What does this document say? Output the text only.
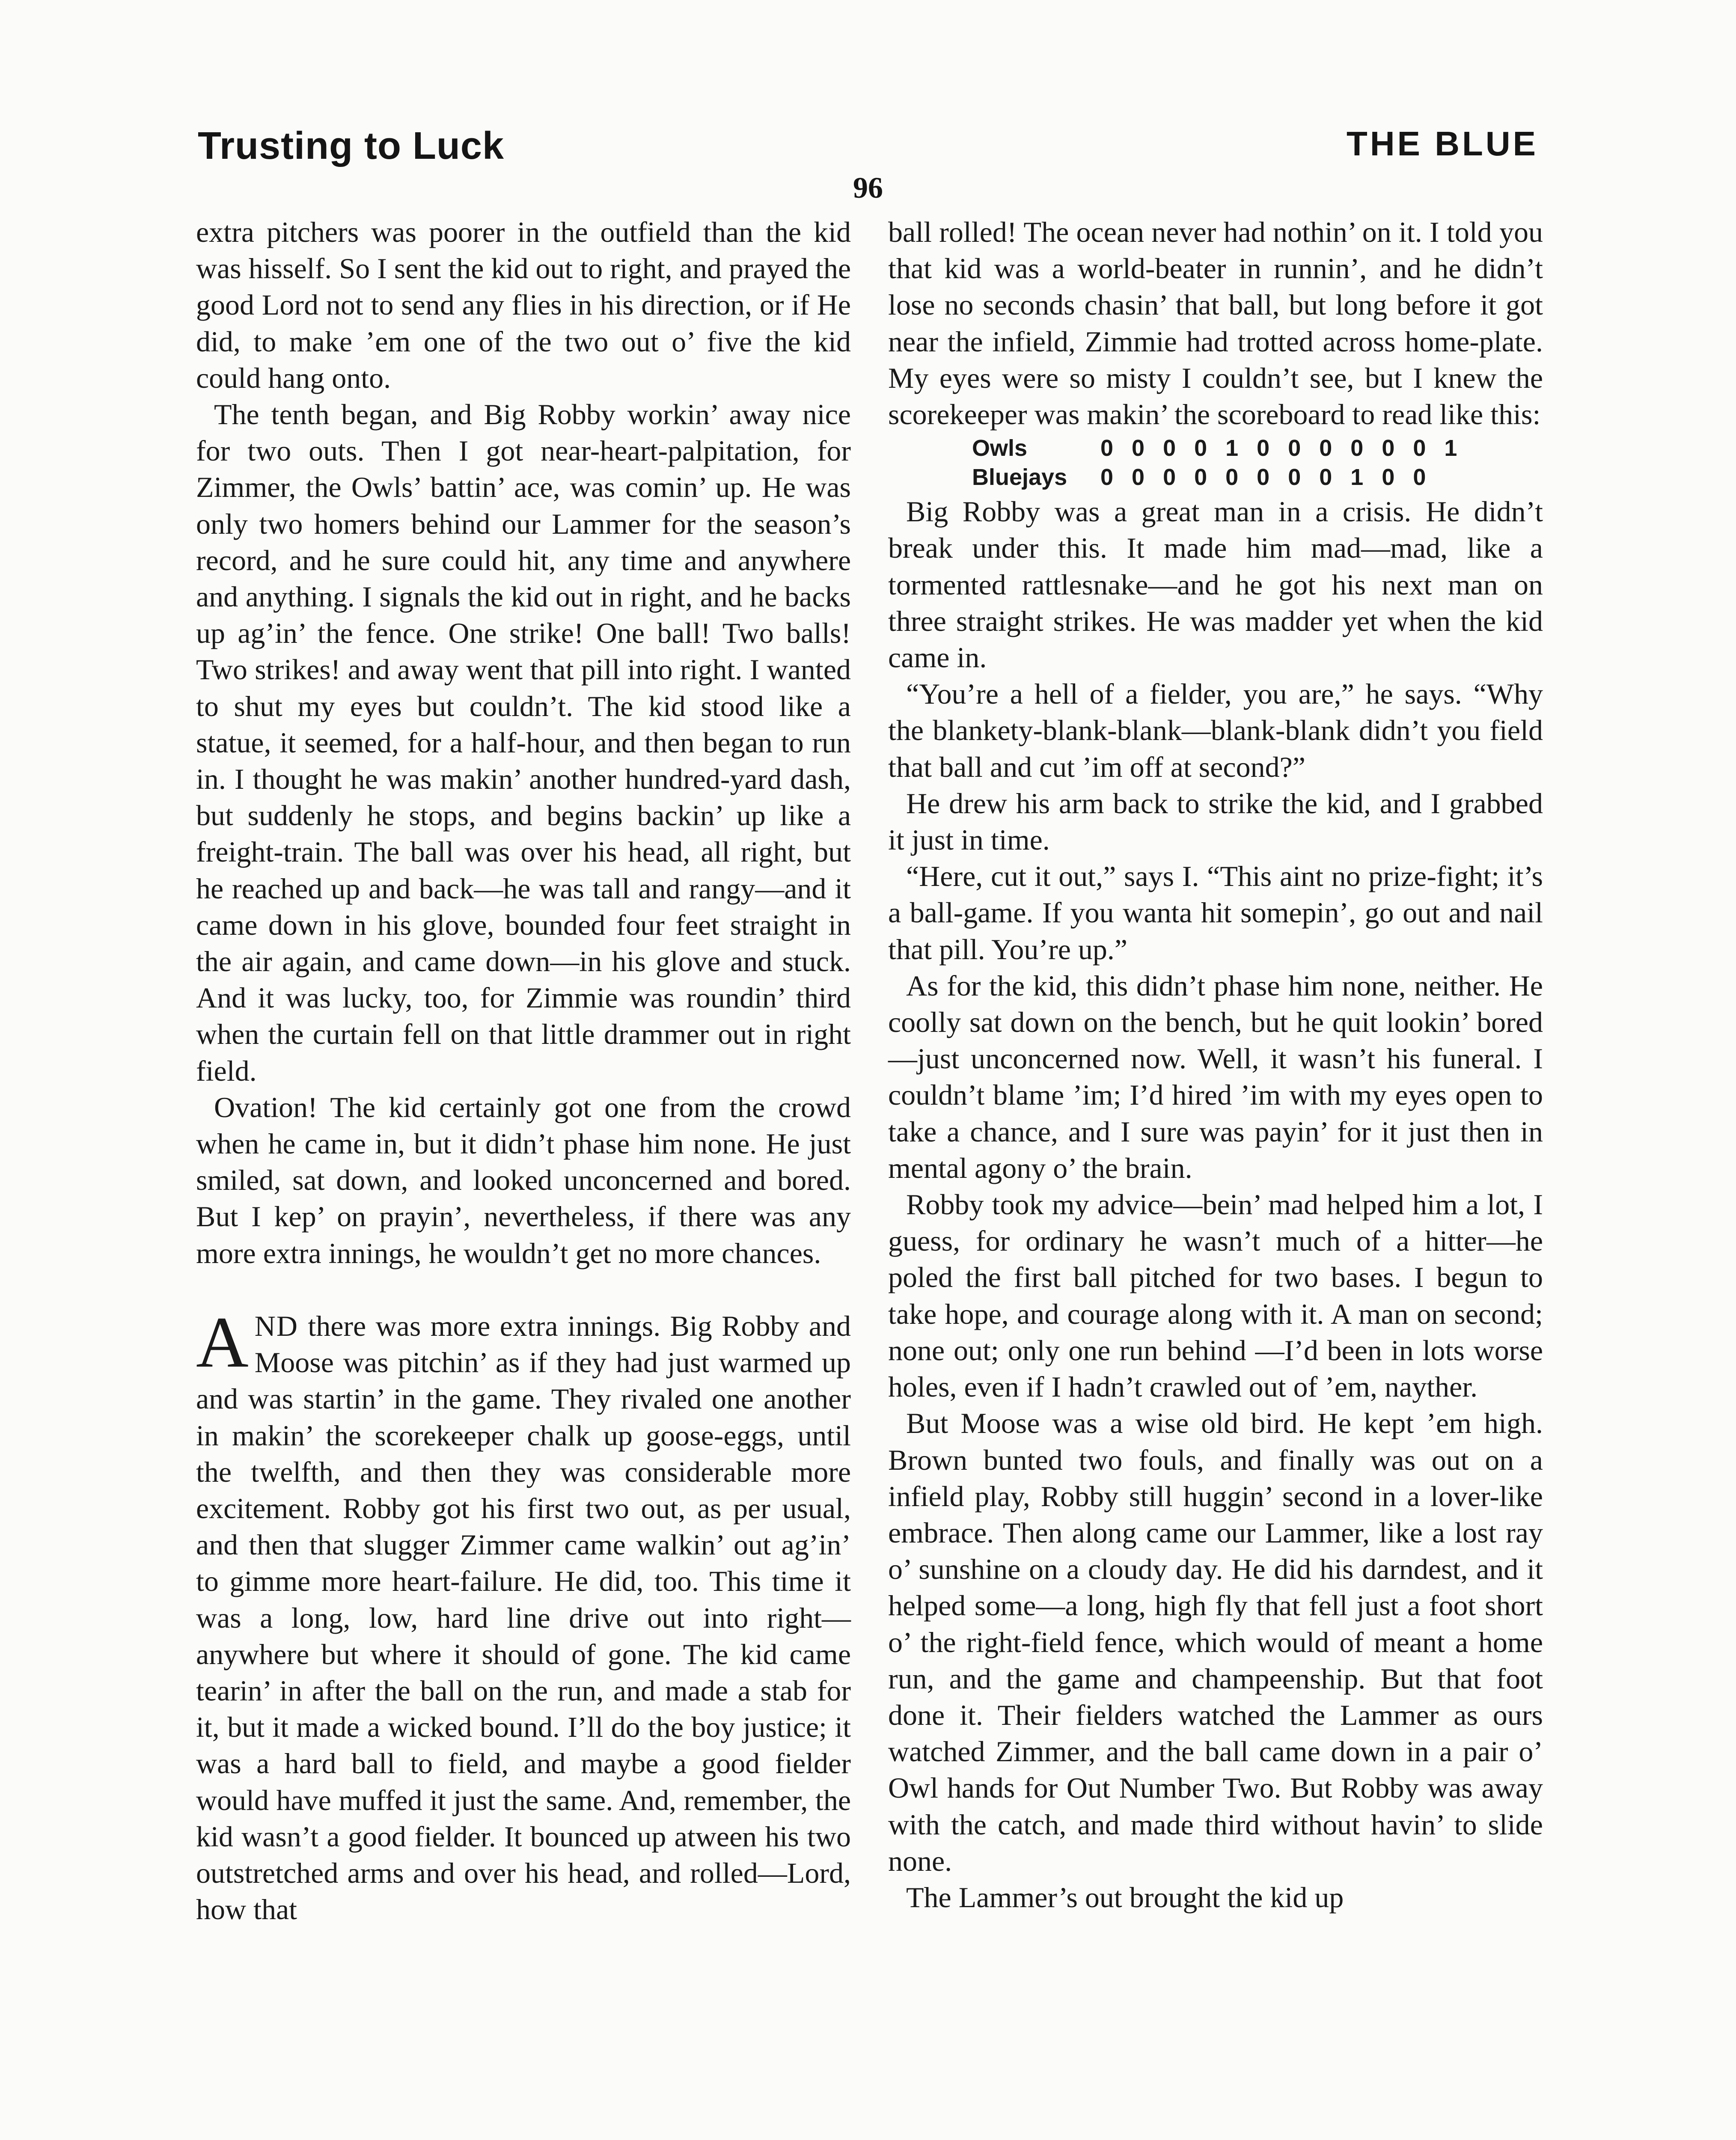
Trusting to Luck	THE BLUE
96

extra pitchers was poorer in the outfield than the kid was hisself. So I sent the kid out to right, and prayed the good Lord not to send any flies in his direction, or if He did, to make ’em one of the two out o’ five the kid could hang onto.

The tenth began, and Big Robby workin’ away nice for two outs. Then I got near-heart-palpitation, for Zimmer, the Owls’ battin’ ace, was comin’ up. He was only two homers behind our Lammer for the season’s record, and he sure could hit, any time and anywhere and anything. I signals the kid out in right, and he backs up ag’in’ the fence. One strike! One ball! Two balls! Two strikes! and away went that pill into right. I wanted to shut my eyes but couldn’t. The kid stood like a statue, it seemed, for a half-hour, and then began to run in. I thought he was makin’ another hundred-yard dash, but suddenly he stops, and begins backin’ up like a freight-train. The ball was over his head, all right, but he reached up and back—he was tall and rangy—and it came down in his glove, bounded four feet straight in the air again, and came down—in his glove and stuck. And it was lucky, too, for Zimmie was roundin’ third when the curtain fell on that little drammer out in right field.

Ovation! The kid certainly got one from the crowd when he came in, but it didn’t phase him none. He just smiled, sat down, and looked unconcerned and bored. But I kep’ on prayin’, nevertheless, if there was any more extra innings, he wouldn’t get no more chances.

AND there was more extra innings. Big Robby and Moose was pitchin’ as if they had just warmed up and was startin’ in the game. They rivaled one another in makin’ the scorekeeper chalk up goose-eggs, until the twelfth, and then they was considerable more excitement. Robby got his first two out, as per usual, and then that slugger Zimmer came walkin’ out ag’in’ to gimme more heart-failure. He did, too. This time it was a long, low, hard line drive out into right—anywhere but where it should of gone. The kid came tearin’ in after the ball on the run, and made a stab for it, but it made a wicked bound. I’ll do the boy justice; it was a hard ball to field, and maybe a good fielder would have muffed it just the same. And, remember, the kid wasn’t a good fielder. It bounced up atween his two outstretched arms and over his head, and rolled—Lord, how that

ball rolled! The ocean never had nothin’ on it. I told you that kid was a world-beater in runnin’, and he didn’t lose no seconds chasin’ that ball, but long before it got near the infield, Zimmie had trotted across home-plate. My eyes were so misty I couldn’t see, but I knew the scorekeeper was makin’ the scoreboard to read like this:

Owls	0 0 0 0 1 0 0 0 0 0 0 1
Bluejays	0 0 0 0 0 0 0 0 1 0 0

Big Robby was a great man in a crisis. He didn’t break under this. It made him mad—mad, like a tormented rattlesnake—and he got his next man on three straight strikes. He was madder yet when the kid came in.

“You’re a hell of a fielder, you are,” he says. “Why the blankety-blank-blank—blank-blank didn’t you field that ball and cut ’im off at second?”

He drew his arm back to strike the kid, and I grabbed it just in time.

“Here, cut it out,” says I. “This aint no prize-fight; it’s a ball-game. If you wanta hit somepin’, go out and nail that pill. You’re up.”

As for the kid, this didn’t phase him none, neither. He coolly sat down on the bench, but he quit lookin’ bored—just unconcerned now. Well, it wasn’t his funeral. I couldn’t blame ’im; I’d hired ’im with my eyes open to take a chance, and I sure was payin’ for it just then in mental agony o’ the brain.

Robby took my advice—bein’ mad helped him a lot, I guess, for ordinary he wasn’t much of a hitter—he poled the first ball pitched for two bases. I begun to take hope, and courage along with it. A man on second; none out; only one run behind —I’d been in lots worse holes, even if I hadn’t crawled out of ’em, nayther.

But Moose was a wise old bird. He kept ’em high. Brown bunted two fouls, and finally was out on a infield play, Robby still huggin’ second in a lover-like embrace. Then along came our Lammer, like a lost ray o’ sunshine on a cloudy day. He did his darndest, and it helped some—a long, high fly that fell just a foot short o’ the right-field fence, which would of meant a home run, and the game and champeenship. But that foot done it. Their fielders watched the Lammer as ours watched Zimmer, and the ball came down in a pair o’ Owl hands for Out Number Two. But Robby was away with the catch, and made third without havin’ to slide none.

The Lammer’s out brought the kid up
